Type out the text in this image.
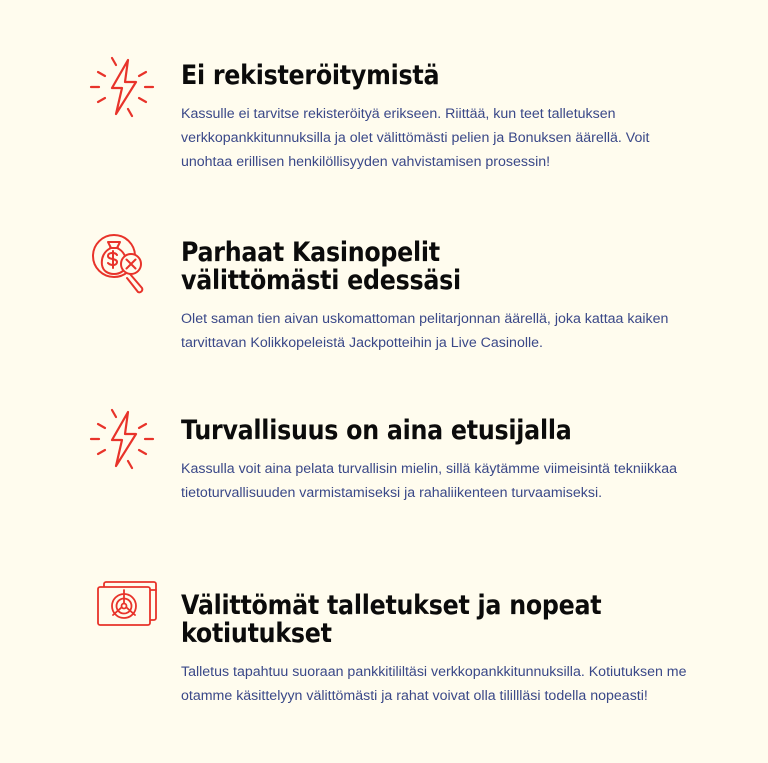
Ei rekisteröitymistä

Kassulle ei tarvitse rekisteröityä erikseen. Riittää, kun teet talletuksen verkkopankkitunnuksilla ja olet välittömästi pelien ja Bonuksen äärellä. Voit unohtaa erillisen henkilöllisyyden vahvistamisen prosessin!

Parhaat Kasinopelit välittömästi edessäsi

Olet saman tien aivan uskomattoman pelitarjonnan äärellä, joka kattaa kaiken tarvittavan Kolikkopeleistä Jackpotteihin ja Live Casinolle.

Turvallisuus on aina etusijalla

Kassulla voit aina pelata turvallisin mielin, sillä käytämme viimeisintä tekniikkaa tietoturvallisuuden varmistamiseksi ja rahaliikenteen turvaamiseksi.

Välittömät talletukset ja nopeat kotiutukset

Talletus tapahtuu suoraan pankkitililtäsi verkkopankkitunnuksilla. Kotiutuksen me otamme käsittelyyn välittömästi ja rahat voivat olla tilillläsi todella nopeasti!
